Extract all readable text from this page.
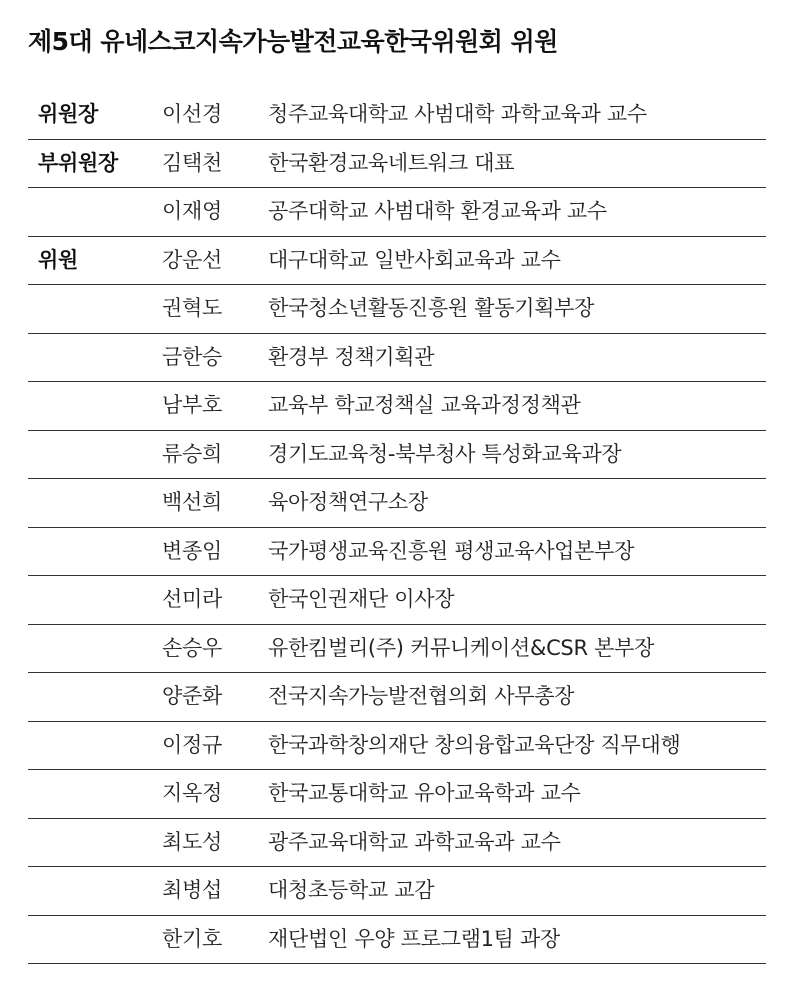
제5대 유네스코지속가능발전교육한국위원회 위원
위원장	이선경 청주교육대학교 사범대학 과학교육과 교수
부위원장 김택천 한국환경교육네트워크 대표
이재영 공주대학교 사범대학 환경교육과 교수
위원	강운선 대구대학교 일반사회교육과 교수
권혁도 한국청소년활동진흥원 활동기획부장
금한승 환경부 정책기획관
남부호 교육부 학교정책실 교육과정정책관
류승희 경기도교육청-북부청사 특성화교육과장
백선희 육아정책연구소장
변종임 국가평생교육진흥원 평생교육사업본부장
선미라 한국인권재단 이사장
손승우 유한킴벌리(주) 커뮤니케이션&CSR 본부장
양준화 전국지속가능발전협의회 사무총장
이정규 한국과학창의재단 창의융합교육단장 직무대행
지옥정 한국교통대학교 유아교육학과 교수
최도성 광주교육대학교 과학교육과 교수
최병섭 대청초등학교 교감
한기호 재단법인 우양 프로그램1팀 과장
